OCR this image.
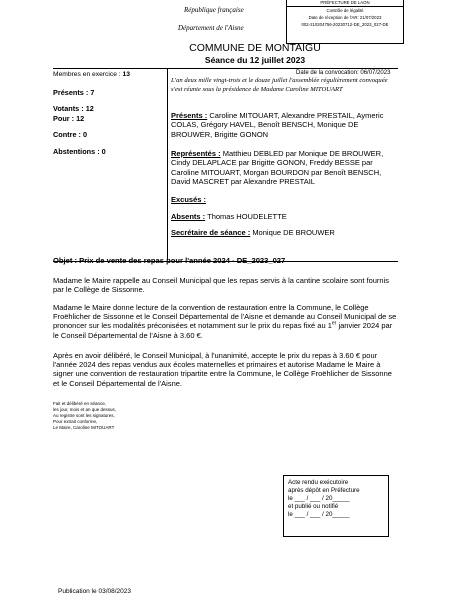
PRÉFECTURE DE LAON
Contrôle de légalité
Date de réception de l'AR: 21/07/2023
002-210204756-20230712-DE_2023_027-DE
République française
Département de l'Aisne
COMMUNE DE MONTAIGU
Séance du 12 juillet 2023
Membres en exercice : 13
Présents : 7
Votants : 12
Pour : 12
Contre : 0
Abstentions : 0
Date de la convocation: 06/07/2023
L'an deux mille vingt-trois et le douze juillet l'assemblée régulièrement convoquée s'est réunie sous la présidence de Madame Caroline MITOUART
Présents : Caroline MITOUART, Alexandre PRESTAIL, Aymeric COLAS, Grégory HAVEL, Benoît BENSCH, Monique DE BROUWER, Brigitte GONON
Représentés : Matthieu DEBLED par Monique DE BROUWER, Cindy DELAPLACE par Brigitte GONON, Freddy BESSE par Caroline MITOUART, Morgan BOURDON par Benoît BENSCH, David MASCRET par Alexandre PRESTAIL
Excusés :
Absents : Thomas HOUDELETTE
Secrétaire de séance : Monique DE BROUWER
Objet : Prix de vente des repas pour l'année 2024 - DE_2023_027
Madame le Maire rappelle au Conseil Municipal que les repas servis à la cantine scolaire sont fournis par le Collège de Sissonne.
Madame le Maire donne lecture de la convention de restauration entre la Commune, le Collège Froëhlicher de Sissonne et le Conseil Départemental de l'Aisne et demande au Conseil Municipal de se prononcer sur les modalités préconisées et notamment sur le prix du repas fixé au 1er janvier 2024 par le Conseil Départemental de l'Aisne à 3.60 €.
Après en avoir délibéré, le Conseil Municipal, à l'unanimité, accepte le prix du repas à 3.60 € pour l'année 2024 des repas vendus aux écoles maternelles et primaires et autorise Madame le Maire à signer une convention de restauration tripartite entre la Commune, le Collège Froëhlicher de Sissonne et le Conseil Départemental de l'Aisne.
Fait et délibéré en séance,
les jour, mois et an que dessus,
Au registre sont les signatures,
Pour extrait conforme,
Le Maire, Caroline MITOUART
Acte rendu exécutoire
après dépôt en Préfecture
le ___ / ___ / 20_____
et publié ou notifié
le ___ / ___ / 20_____
Publication le 03/08/2023
